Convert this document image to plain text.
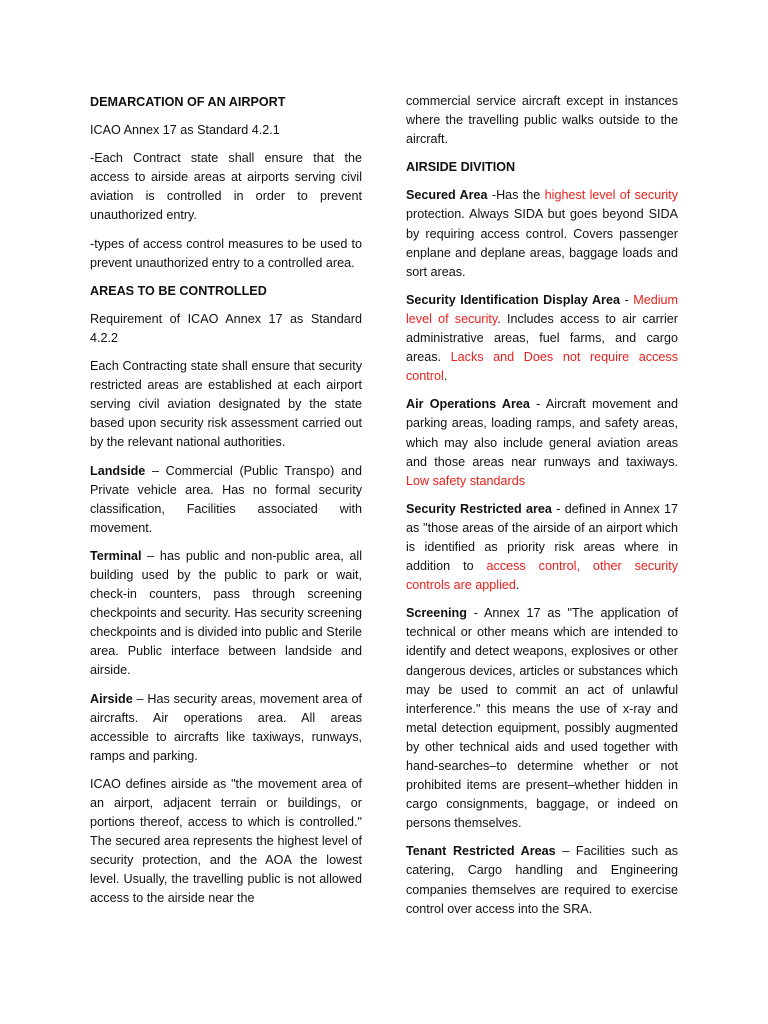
DEMARCATION OF AN AIRPORT

ICAO Annex 17 as Standard 4.2.1

-Each Contract state shall ensure that the access to airside areas at airports serving civil aviation is controlled in order to prevent unauthorized entry.

-types of access control measures to be used to prevent unauthorized entry to a controlled area.

AREAS TO BE CONTROLLED

Requirement of ICAO Annex 17 as Standard 4.2.2

Each Contracting state shall ensure that security restricted areas are established at each airport serving civil aviation designated by the state based upon security risk assessment carried out by the relevant national authorities.

Landside – Commercial (Public Transpo) and Private vehicle area. Has no formal security classification, Facilities associated with movement.

Terminal – has public and non-public area, all building used by the public to park or wait, check-in counters, pass through screening checkpoints and security. Has security screening checkpoints and is divided into public and Sterile area. Public interface between landside and airside.

Airside – Has security areas, movement area of aircrafts. Air operations area. All areas accessible to aircrafts like taxiways, runways, ramps and parking.

ICAO defines airside as "the movement area of an airport, adjacent terrain or buildings, or portions thereof, access to which is controlled." The secured area represents the highest level of security protection, and the AOA the lowest level. Usually, the travelling public is not allowed access to the airside near the

commercial service aircraft except in instances where the travelling public walks outside to the aircraft.

AIRSIDE DIVITION

Secured Area -Has the highest level of security protection. Always SIDA but goes beyond SIDA by requiring access control. Covers passenger enplane and deplane areas, baggage loads and sort areas.

Security Identification Display Area - Medium level of security. Includes access to air carrier administrative areas, fuel farms, and cargo areas. Lacks and Does not require access control.

Air Operations Area - Aircraft movement and parking areas, loading ramps, and safety areas, which may also include general aviation areas and those areas near runways and taxiways. Low safety standards

Security Restricted area - defined in Annex 17 as "those areas of the airside of an airport which is identified as priority risk areas where in addition to access control, other security controls are applied.

Screening - Annex 17 as "The application of technical or other means which are intended to identify and detect weapons, explosives or other dangerous devices, articles or substances which may be used to commit an act of unlawful interference." this means the use of x-ray and metal detection equipment, possibly augmented by other technical aids and used together with hand-searches–to determine whether or not prohibited items are present–whether hidden in cargo consignments, baggage, or indeed on persons themselves.

Tenant Restricted Areas – Facilities such as catering, Cargo handling and Engineering companies themselves are required to exercise control over access into the SRA.
